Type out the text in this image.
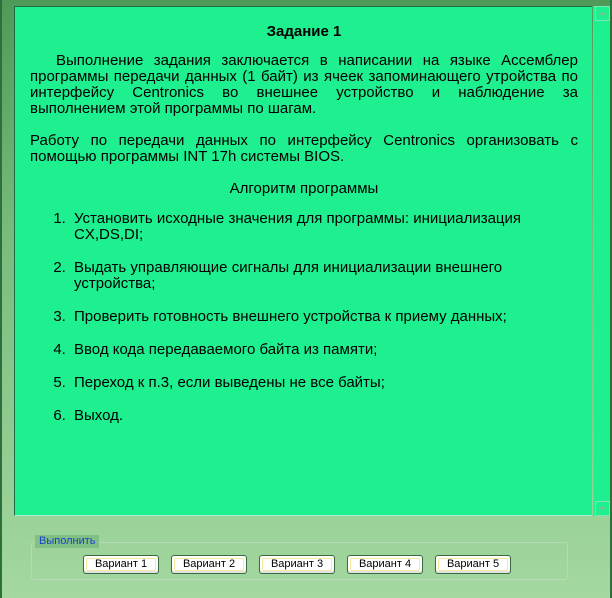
Задание 1

Выполнение задания заключается в написании на языке Ассемблер программы передачи данных (1 байт) из ячеек запоминающего утройства по интерфейсу Centronics во внешнее устройство и наблюдение за выполнением этой программы по шагам.

Работу по передачи данных по интерфейсу Centronics организовать с помощью программы INT 17h системы BIOS.

Алгоритм программы
1. Установить исходные значения для программы: инициализация CX,DS,DI;
2. Выдать управляющие сигналы для инициализации внешнего устройства;
3. Проверить готовность внешнего устройства к приему данных;
4. Ввод кода передаваемого байта из памяти;
5. Переход к п.3, если выведены не все байты;
6. Выход.
Выполнить
Вариант 1	Вариант 2	Вариант 3	Вариант 4	Вариант 5
